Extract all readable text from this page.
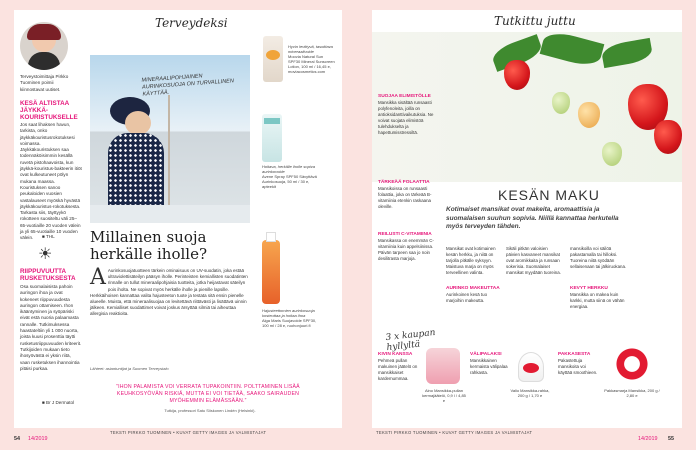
Terveydeksi
Terveystoimittaja Pirkko Tuominen poimii kiinnostavat uutiset.
KESÄ ALTISTAA JÄYKKÄ-KOURISTUKSELLE
Jos saat lihaksen havun, tarkista, onko jäykkäkouristusrokotuksesi voimassa. Jäykkäkouristuksen saa todennäköisimmin kesällä ruvetä pistohaavoista, kun jäykkä-kouristus-bakteerin itiöt ovat kulkeutuneet pölyn mukana maassa. Kouristuksen sanoo peukaloiden vuosien vastalauseet myöskä hyvästä jäykkäkouristus-rokotuksesta. Tarkasta siis, täyttyykö rokotteen suositeltu väli 25–65-vuotiaille 20 vuoden välein ja yli 65-vuotiaille 10 vuoden välein.	■ THL
☀
RIIPPUVUUTTA RUSKETUKSESTA
Osa suomalaisista pahoin auringon ihoa ja ovat kokeneet riippuvuudesta auringon ottamiseen. Ihon ikääntyminen ja syöpäriski eivät estä nuoria palaamasta rannalle. Tutkimuksessa haastateltiin yli 1 000 nuorta, joista kuusi prosenttia täytti rusketusriippuvuuden kriteerit. Tutkijoiden mukaan tieto ihosyövästä ei yksin riitä, vaan rusketuksen ihannointia pitäisi purkaa.
■ Br J Dermatol
MINERAALIPOHJAINEN AURINKOSUOJA ON TURVALLINEN KÄYTTÄÄ.
Hyvin levittyvä, tasoittava mineraalivoide
Moovia Natural Sun SPF30 Mineral Sunscreen Lotion, 100 ml / 16,45 e, moviacosmetics.com
Hoitava, herkälle iholle sopiva aurinkovoide
Avene Spray SPF50 Sävyttävä Aurinkosuoja, 50 ml / 30 e, apteekit
Hajusteettomien aurinkosuoja kosteuttaa ja hoitaa ihoa
Alga Maris Suojavoide SPF30, 100 ml / 28 e, ruohonjuuri.fi
Millainen suoja herkälle iholle?
A Aurinkosuojatuotteen tärkein ominaisuus on UV-suodatin, joka estää ultraviolettisäteilyn pääsyn iholle. Perinteisten kemiallisten suodatinten rinnalle on tullut mineraalipohjaisia tuotteita, jotka heijastavat säteilyn pois iholta. Ne sopivat myös herkälle iholle ja pienille lapsille. Herkkäihoisen kannattaa valita hajusteeton tuote ja testata sitä ensin pienelle alueelle. Muista, että mineraalisuojaa on levitettävä riittävästi ja lisättävä uinnin jälkeen. Kemialliset suodattimet voivat joskus ärsyttää silmiä tai aiheuttaa allergisia reaktioita.
Lähteet: asiantuntijat ja Suomen Terveystalo
”IHON PALAMISTA VOI VERRATA TUPAKOINTIIN. POLTTAMINEN LISÄÄ KEUHKOSYÖVÄN RISKIÄ, MUTTA EI VOI TIETÄÄ, SAAKO SAIRAUDEN MYÖHEMMIN ELÄMÄSSÄÄN.”
Tutkija, professori Satu Siiskonen Lindén (Helsinki).
TEKSTI PIRKKO TUOMINEN • KUVAT GETTY IMAGES JA VALMISTAJAT
54 14/2019
Tutkittu juttu
SUOJAA ELIMISTÖLLE
Mansikka sisältää runsaasti polyfenoleita, joilla on antioksidanttivaikutuksia. Ne voivat suojata elimistöä tulehdukselta ja hapettumisstressiltä.
TÄRKEÄÄ FOLAATTIA
Mansikoissa on runsaasti folaattia, joka on tärkeää B-vitamiinia etenkin raskaana oleville.
REILUSTI C-VITAMIINIA
Mansikassa on enemmän C-vitamiinia kuin appelsiinissa. Päivän tarpeen saa jo noin desilitrasta marjoja.
KESÄN MAKU
Kotimaiset mansikat ovat makeita, aromaattisia ja suomalaisen suuhun sopivia. Niillä kannattaa herkutella myös terveyden tähden.
Mansikat ovat kotimainen kesän herkku, ja niitä on tarjolla pitkälle syksyyn. Maistuva marja on myös terveellinen valinta.
Sikäli pitkän valoisien päivien kasvaneet mansikat ovat aromikkaita ja runsaan sokerisia. Suomalaiset mansikat myydään tuoreina.
AURINKO MAKEUTTAA
Aurinkoinen kesä tuo marjoihin makeutta.
mansikoilla voi säilöä pakastamalla tai hilloksi. Tuoreina niitä syödään sellaisenaan tai jälkiruokana.
KEVYT HERKKU
Mansikka on makea kuin karkki, mutta siinä on vähän energiaa.
3 x kaupan hyllyltä
KIVIN KANSSA
Pehmeä pullan makuinen jäätelö on mansikkaiset kardemummaa.
Aino Mansikka-pullan kermajäätelö, 0,9 l / 4,85 e
VÄLIPALAKSI
Mansikkainen kermaista välipalaa rahkasta.
Valio Mansikka-rahka, 200 g / 1,70 e
PAKKASESTA
Pakastettuja mansikoita voi käyttää smoothieen.
Pakkasmarja Mansikka, 200 g / 2,80 e
TEKSTI PIRKKO TUOMINEN • KUVAT GETTY IMAGES JA VALMISTAJAT
14/2019 55
